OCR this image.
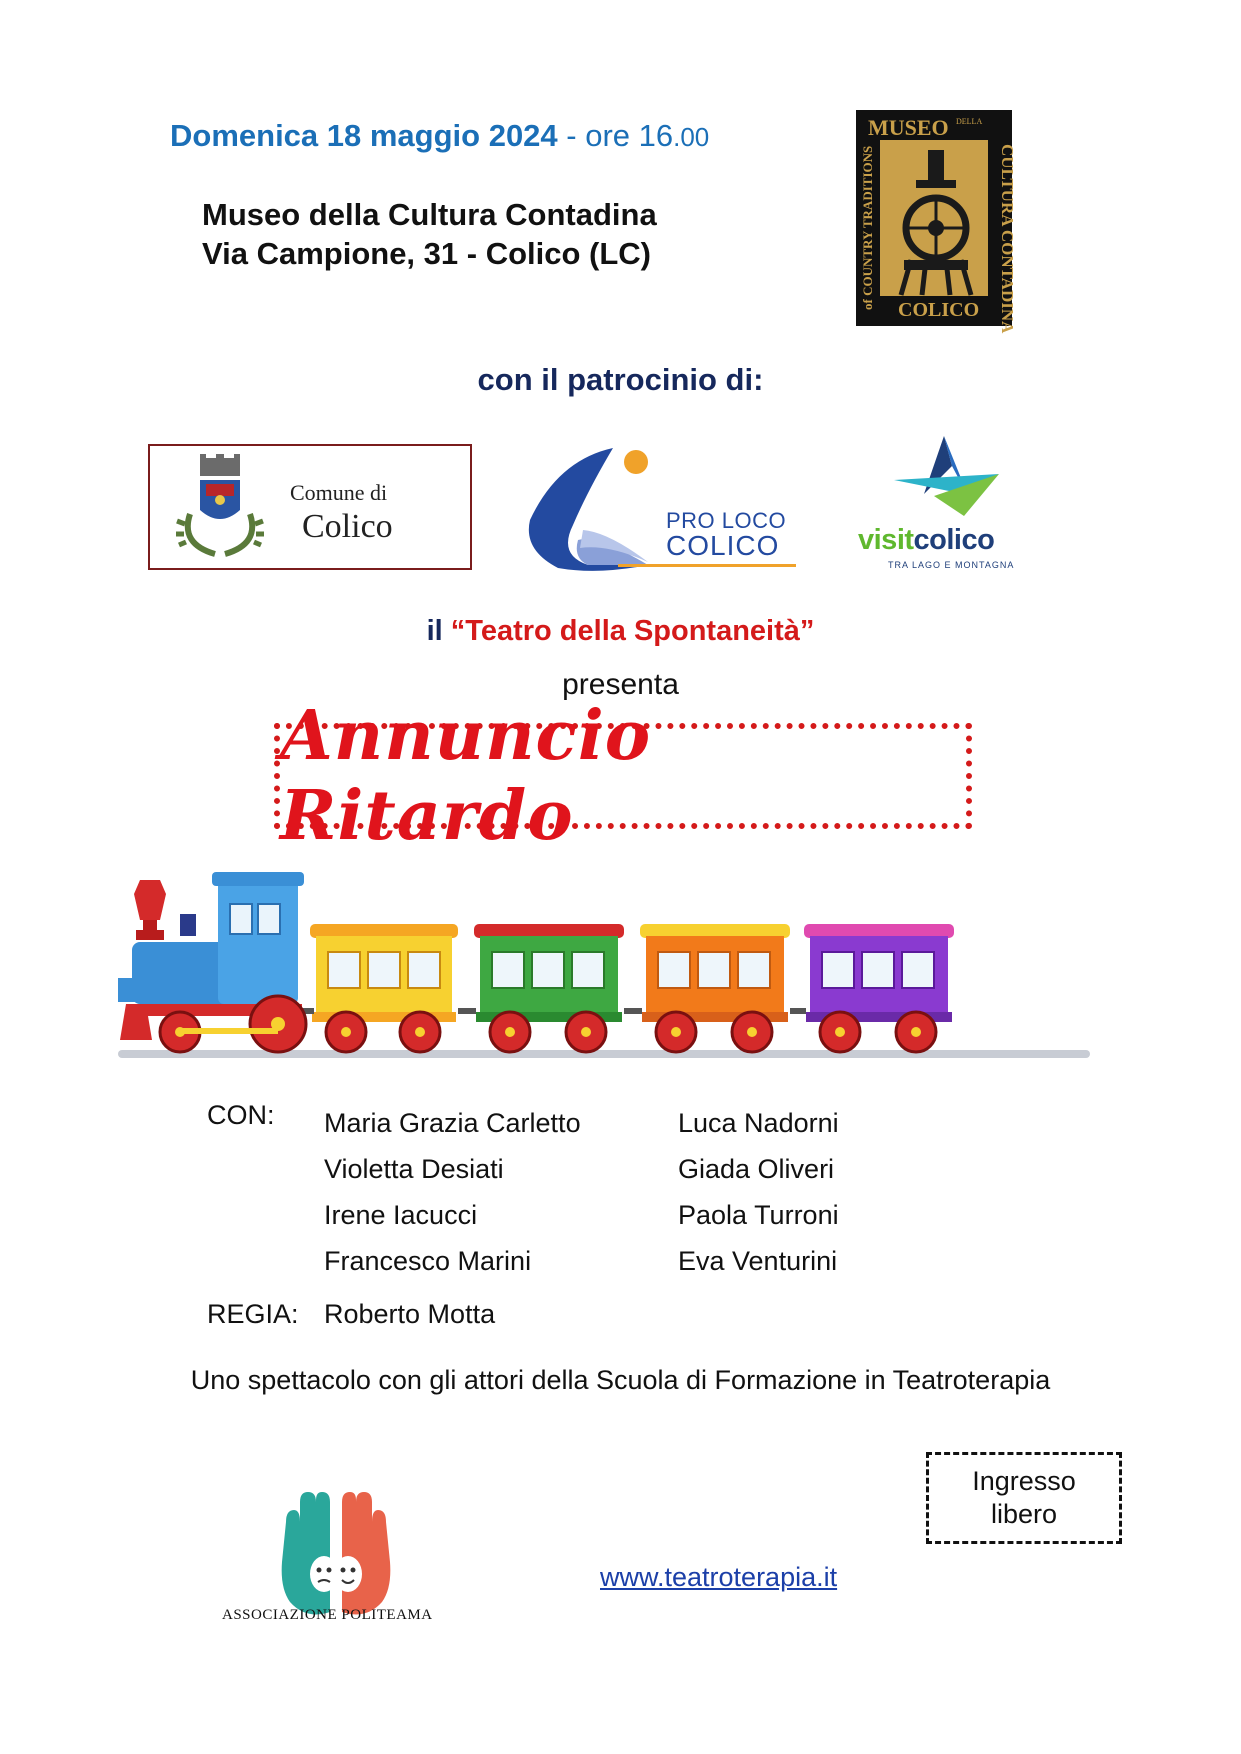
Domenica 18 maggio 2024 - ore 16.00
Museo della Cultura Contadina
Via Campione, 31 - Colico (LC)
MUSEO DELLA
COLICO CULTURA CONTADINA
of COUNTRY TRADITIONS
con il patrocinio di:
Comune di
Colico	PRO LOCO
COLICO	visitcolico
TRA LAGO E MONTAGNA
il “Teatro della Spontaneità”
presenta
Annuncio Ritardo
CON: Maria Grazia Carletto
Violetta Desiati
Irene Iacucci
Francesco Marini
Luca Nadorni
Giada Oliveri
Paola Turroni
Eva Venturini
REGIA: Roberto Motta
Uno spettacolo con gli attori della Scuola di Formazione in Teatroterapia
Ingresso
libero
ASSOCIAZIONE POLITEAMA
www.teatroterapia.it
